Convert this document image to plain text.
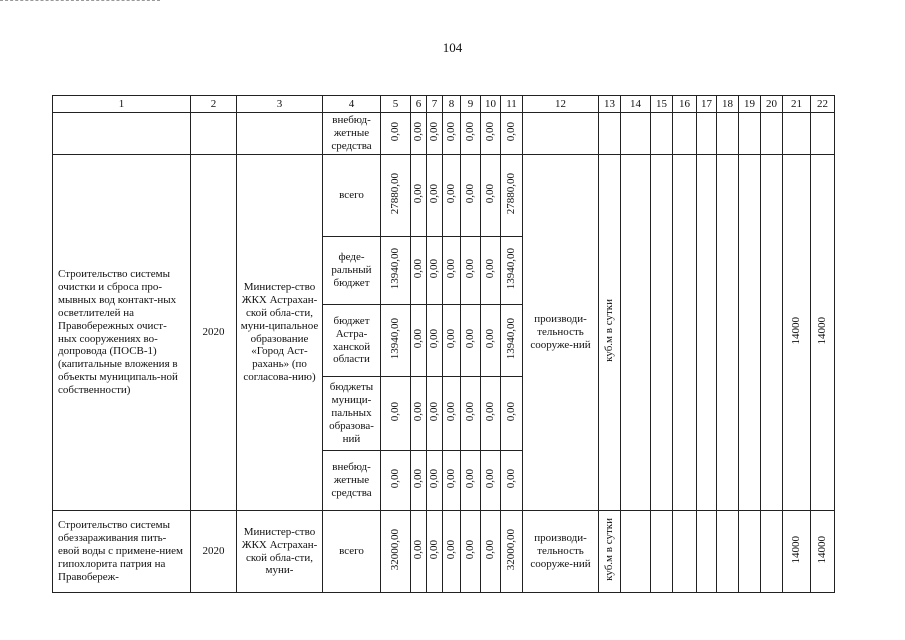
104
1	2	3	4	5	6	7	8	9	10	11	12	13	14	15	16	17	18	19	20	21	22

			внебюд-
жетные
средства	0,00	0,00	0,00	0,00	0,00	0,00	0,00											

Строительство системы очистки и сброса про-мывных вод контакт-ных осветлителей на Правобережных очист-ных сооружениях во-допровода (ПОСВ-1) (капитальные вложения в объекты муниципаль-ной собственности)	2020	Министер-ство ЖКХ Астрахан-ской обла-сти, муни-ципальное образование «Город Аст-рахань» (по согласова-нию)	всего	27880,00	0,00	0,00	0,00	0,00	0,00	27880,00	производи-тельность сооруже-ний	куб.м в сутки								14000	14000

			феде-
ральный
бюджет	13940,00	0,00	0,00	0,00	0,00	0,00	13940,00											

			бюджет
Астра-
ханской
области	13940,00	0,00	0,00	0,00	0,00	0,00	13940,00											

			бюджеты
муници-
пальных
образова-
ний	0,00	0,00	0,00	0,00	0,00	0,00	0,00											

			внебюд-
жетные
средства	0,00	0,00	0,00	0,00	0,00	0,00	0,00											

Строительство системы обеззараживания пить-евой воды с примене-нием гипохлорита патрия на Правобереж-	2020	Министер-ство ЖКХ Астрахан-ской обла-сти, муни-	всего	32000,00	0,00	0,00	0,00	0,00	0,00	32000,00	производи-тельность сооруже-ний	куб.м в сутки								14000	14000
